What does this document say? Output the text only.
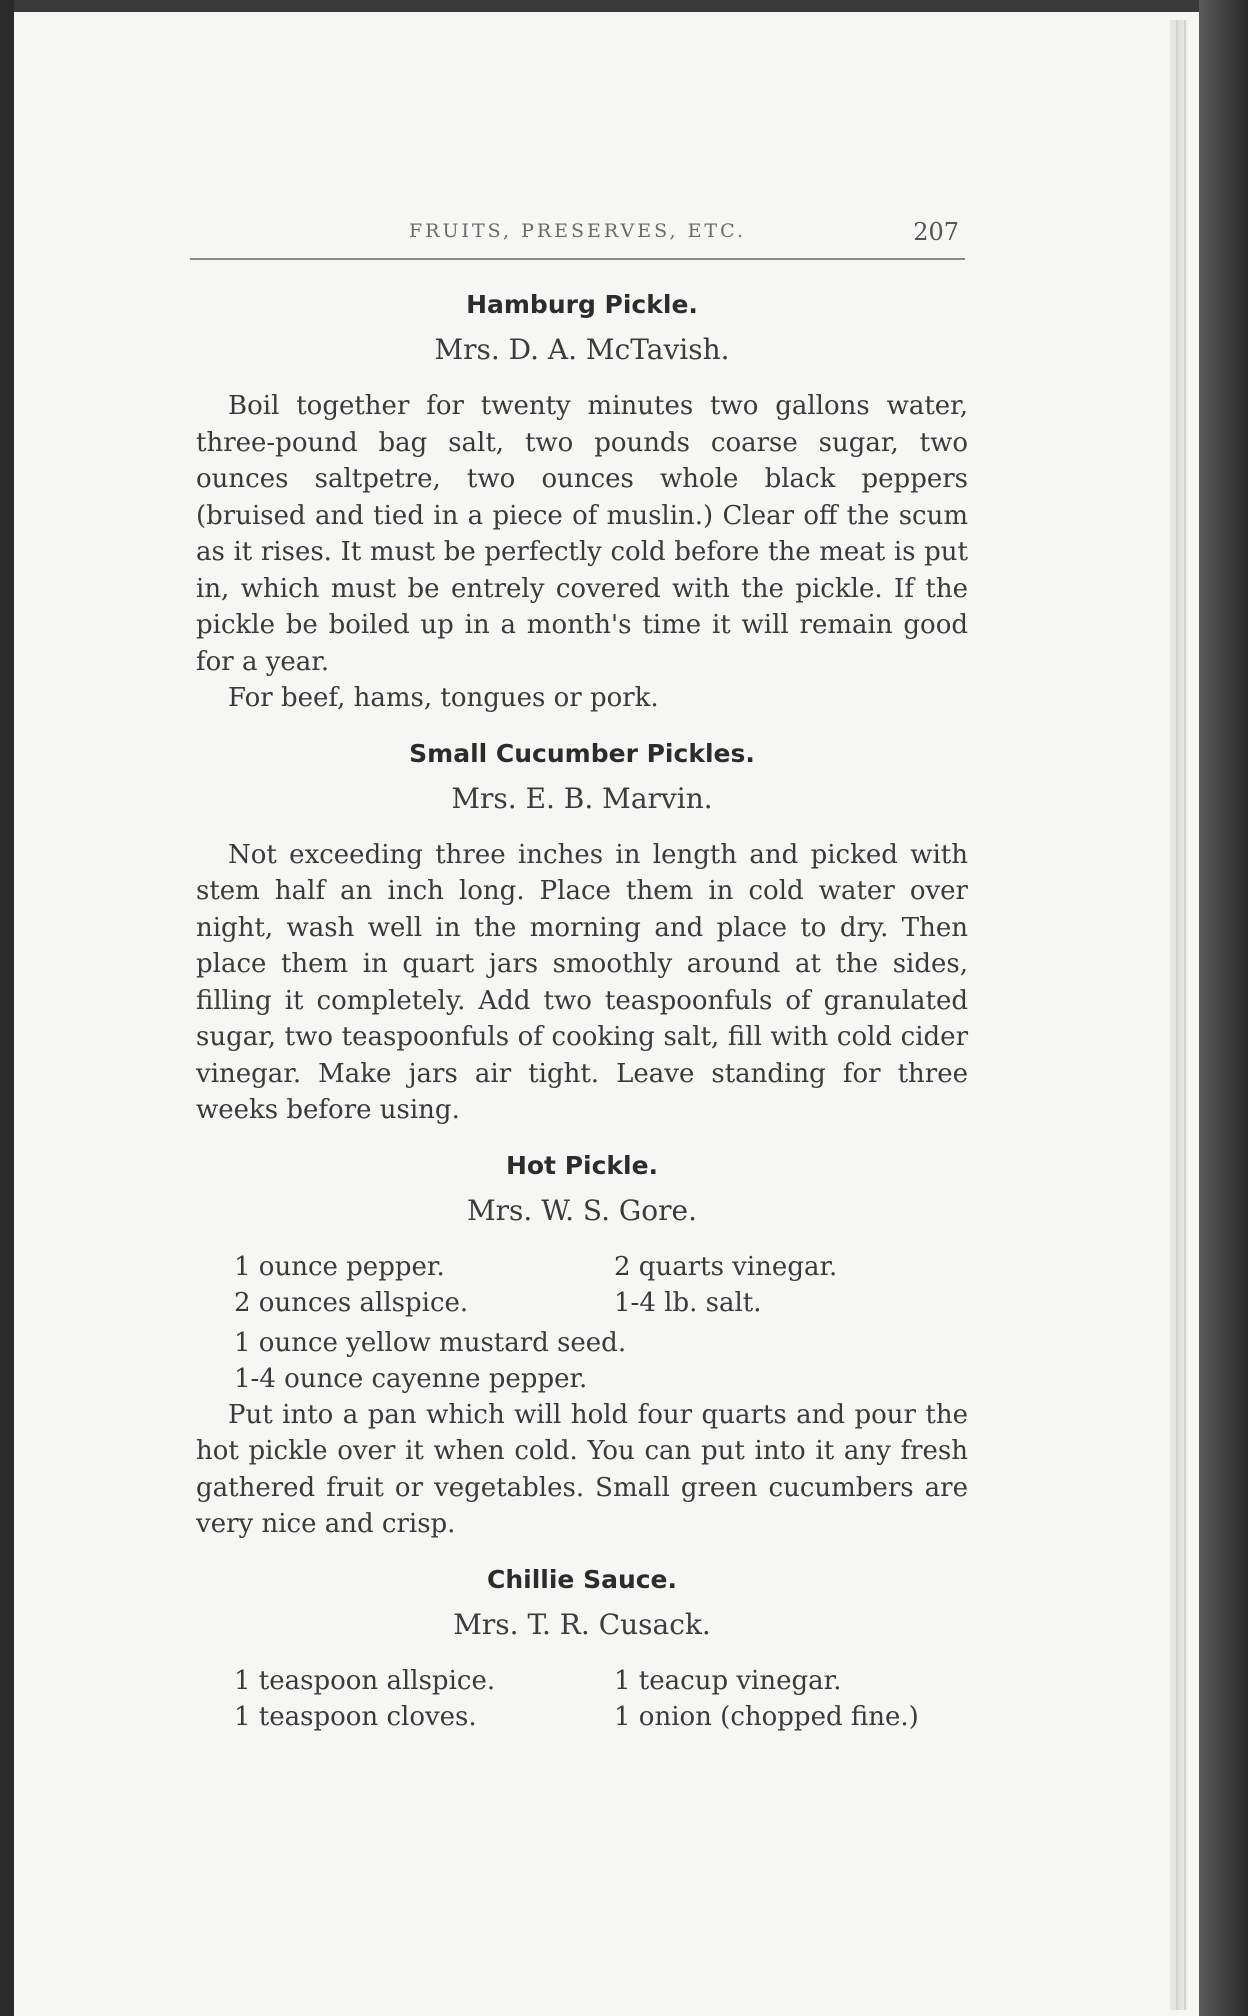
FRUITS, PRESERVES, ETC.	207
Hamburg Pickle.
Mrs. D. A. McTavish.

Boil together for twenty minutes two gallons water, three-pound bag salt, two pounds coarse sugar, two ounces saltpetre, two ounces whole black peppers (bruised and tied in a piece of muslin.) Clear off the scum as it rises. It must be perfectly cold before the meat is put in, which must be entrely covered with the pickle. If the pickle be boiled up in a month's time it will remain good for a year.

For beef, hams, tongues or pork.

Small Cucumber Pickles.
Mrs. E. B. Marvin.

Not exceeding three inches in length and picked with stem half an inch long. Place them in cold water over night, wash well in the morning and place to dry. Then place them in quart jars smoothly around at the sides, filling it completely. Add two teaspoonfuls of granulated sugar, two teaspoonfuls of cooking salt, fill with cold cider vinegar. Make jars air tight. Leave standing for three weeks before using.

Hot Pickle.
Mrs. W. S. Gore.
1 ounce pepper.	2 quarts vinegar.
2 ounces allspice.	1-4 lb. salt.
1 ounce yellow mustard seed.
1-4 ounce cayenne pepper.

Put into a pan which will hold four quarts and pour the hot pickle over it when cold. You can put into it any fresh gathered fruit or vegetables. Small green cucumbers are very nice and crisp.

Chillie Sauce.
Mrs. T. R. Cusack.
1 teaspoon allspice.	1 teacup vinegar.
1 teaspoon cloves.	1 onion (chopped fine.)
